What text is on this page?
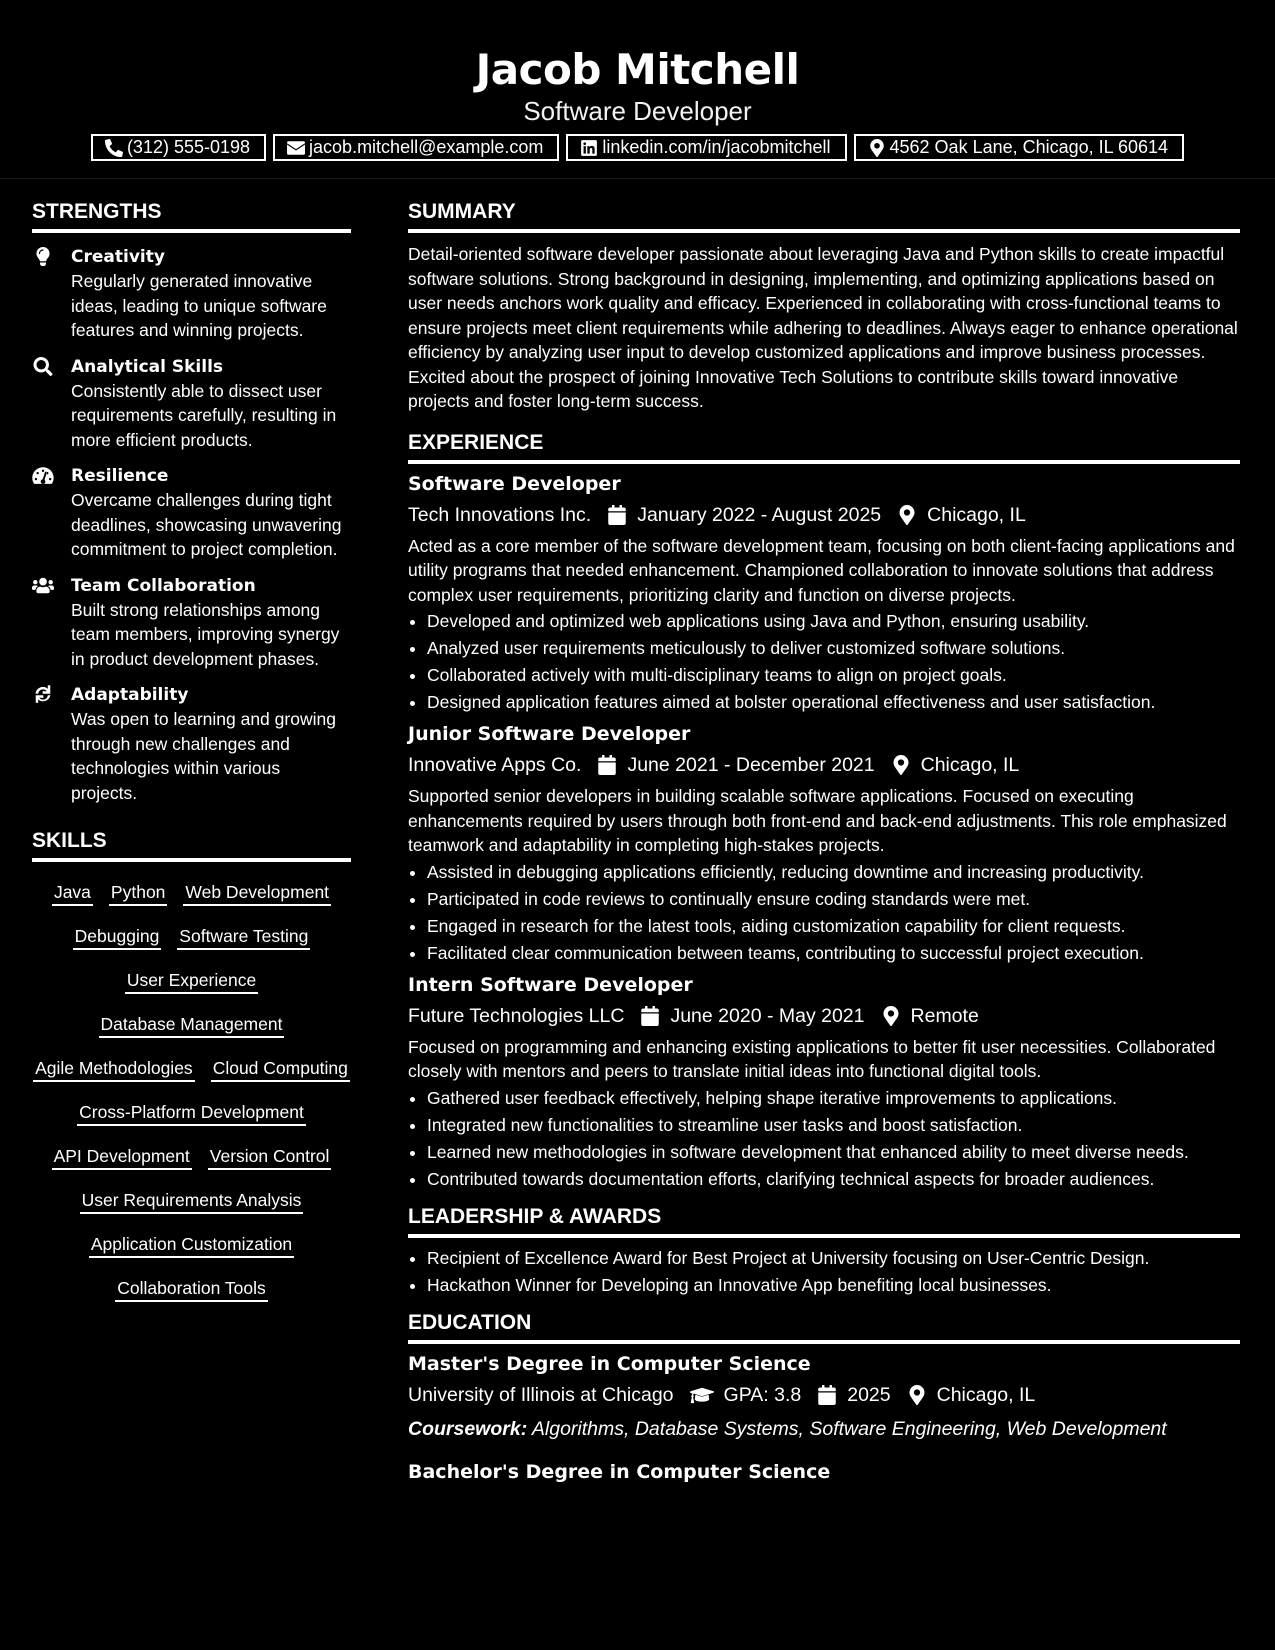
Jacob Mitchell
Software Developer
(312) 555-0198	jacob.mitchell@example.com	linkedin.com/in/jacobmitchell	4562 Oak Lane, Chicago, IL 60614
STRENGTHS
Creativity
Regularly generated innovative ideas, leading to unique software features and winning projects.
Analytical Skills
Consistently able to dissect user requirements carefully, resulting in more efficient products.
Resilience
Overcame challenges during tight deadlines, showcasing unwavering commitment to project completion.
Team Collaboration
Built strong relationships among team members, improving synergy in product development phases.
Adaptability
Was open to learning and growing through new challenges and technologies within various projects.
SKILLS
Java Python Web Development
Debugging Software Testing
User Experience
Database Management
Agile Methodologies Cloud Computing
Cross-Platform Development
API Development Version Control
User Requirements Analysis
Application Customization
Collaboration Tools
SUMMARY
Detail-oriented software developer passionate about leveraging Java and Python skills to create impactful software solutions. Strong background in designing, implementing, and optimizing applications based on user needs anchors work quality and efficacy. Experienced in collaborating with cross-functional teams to ensure projects meet client requirements while adhering to deadlines. Always eager to enhance operational efficiency by analyzing user input to develop customized applications and improve business processes. Excited about the prospect of joining Innovative Tech Solutions to contribute skills toward innovative projects and foster long-term success.
EXPERIENCE
Software Developer
Tech Innovations Inc. January 2022 - August 2025 Chicago, IL
Acted as a core member of the software development team, focusing on both client-facing applications and utility programs that needed enhancement. Championed collaboration to innovate solutions that address complex user requirements, prioritizing clarity and function on diverse projects.
• Developed and optimized web applications using Java and Python, ensuring usability.
• Analyzed user requirements meticulously to deliver customized software solutions.
• Collaborated actively with multi-disciplinary teams to align on project goals.
• Designed application features aimed at bolster operational effectiveness and user satisfaction.
Junior Software Developer
Innovative Apps Co. June 2021 - December 2021 Chicago, IL
Supported senior developers in building scalable software applications. Focused on executing enhancements required by users through both front-end and back-end adjustments. This role emphasized teamwork and adaptability in completing high-stakes projects.
• Assisted in debugging applications efficiently, reducing downtime and increasing productivity.
• Participated in code reviews to continually ensure coding standards were met.
• Engaged in research for the latest tools, aiding customization capability for client requests.
• Facilitated clear communication between teams, contributing to successful project execution.
Intern Software Developer
Future Technologies LLC June 2020 - May 2021 Remote
Focused on programming and enhancing existing applications to better fit user necessities. Collaborated closely with mentors and peers to translate initial ideas into functional digital tools.
• Gathered user feedback effectively, helping shape iterative improvements to applications.
• Integrated new functionalities to streamline user tasks and boost satisfaction.
• Learned new methodologies in software development that enhanced ability to meet diverse needs.
• Contributed towards documentation efforts, clarifying technical aspects for broader audiences.
LEADERSHIP & AWARDS
• Recipient of Excellence Award for Best Project at University focusing on User-Centric Design.
• Hackathon Winner for Developing an Innovative App benefiting local businesses.
EDUCATION
Master's Degree in Computer Science
University of Illinois at Chicago	GPA: 3.8 2025 Chicago, IL
Coursework: Algorithms, Database Systems, Software Engineering, Web Development
Bachelor's Degree in Computer Science
